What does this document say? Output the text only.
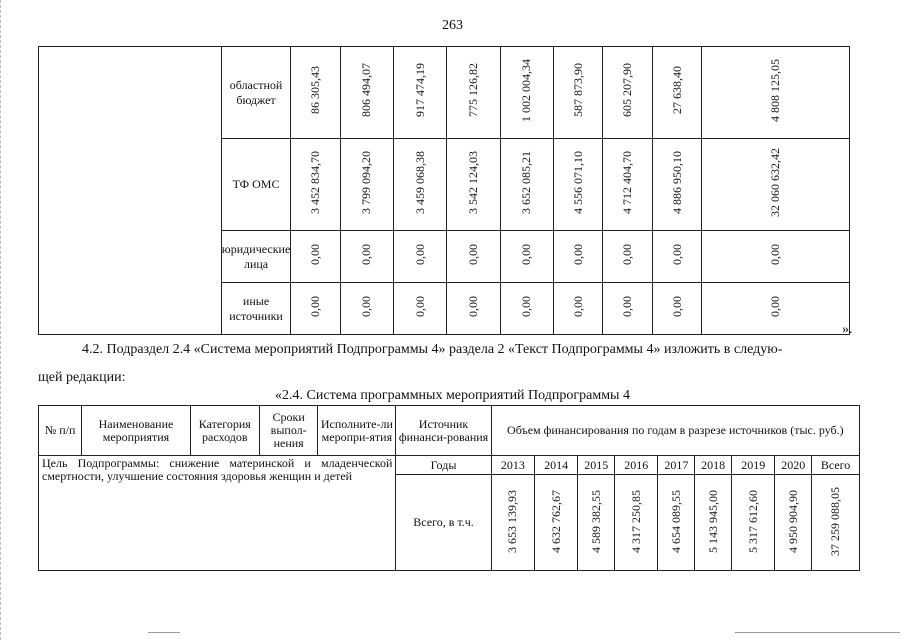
263
	областной бюджет	86 305,43	806 494,07	917 474,19	775 126,82	1 002 004,34	587 873,90	605 207,90	27 638,40	4 808 125,05
	ТФ ОМС	3 452 834,70	3 799 094,20	3 459 068,38	3 542 124,03	3 652 085,21	4 556 071,10	4 712 404,70	4 886 950,10	32 060 632,42
	юридические лица	0,00	0,00	0,00	0,00	0,00	0,00	0,00	0,00	0,00
	иные источники	0,00	0,00	0,00	0,00	0,00	0,00	0,00	0,00	0,00
».
4.2. Подраздел 2.4 «Система мероприятий Подпрограммы 4» раздела 2 «Текст Подпрограммы 4» изложить в следую-
щей редакции:
«2.4. Система программных мероприятий Подпрограммы 4
№ п/п	Наименование мероприятия	Категория расходов	Сроки выпол-нения	Исполните-ли меропри-ятия	Источник финанси-рования	Объем финансирования по годам в разрезе источников (тыс. руб.)								
Цель Подпрограммы: снижение материнской и младенческой смертности, улучшение состояния здоровья женщин и детей					Годы	2013	2014	2015	2016	2017	2018	2019	2020	Всего
					Всего, в т.ч.	3 653 139,93	4 632 762,67	4 589 382,55	4 317 250,85	4 654 089,55	5 143 945,00	5 317 612,60	4 950 904,90	37 259 088,05
